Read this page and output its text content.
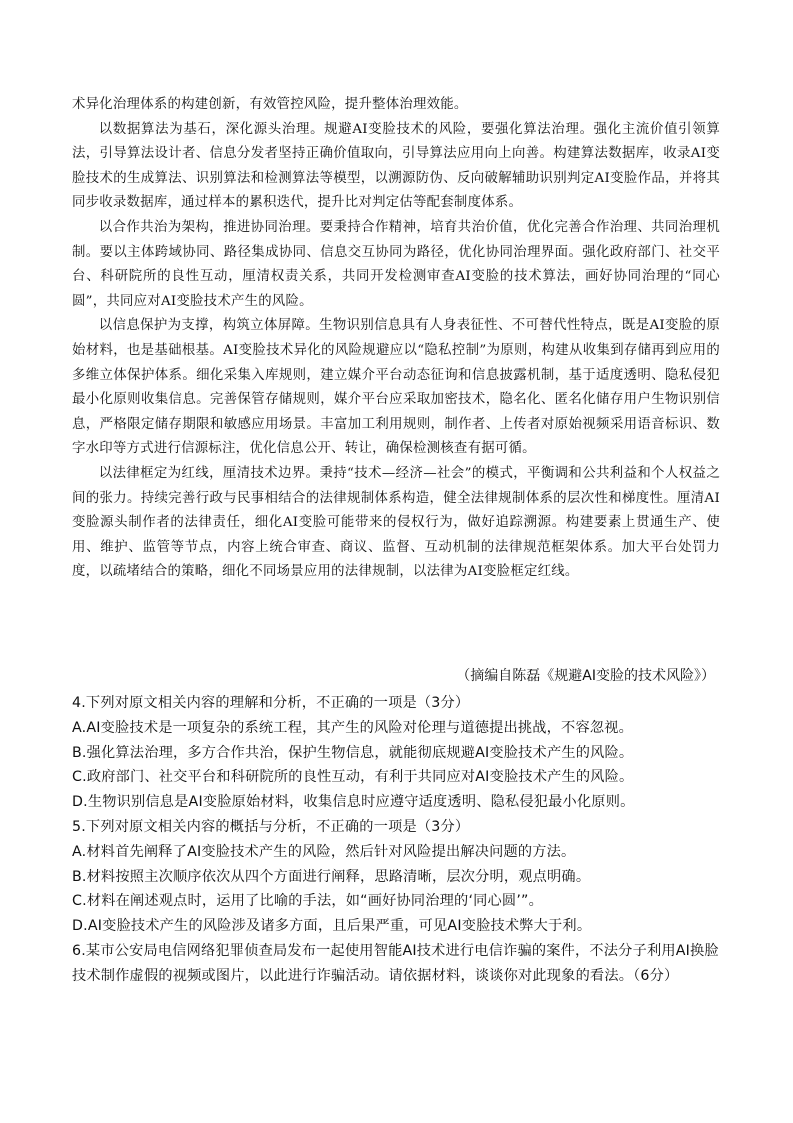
术异化治理体系的构建创新，有效管控风险，提升整体治理效能。

以数据算法为基石，深化源头治理。规避AI变脸技术的风险，要强化算法治理。强化主流价值引领算法，引导算法设计者、信息分发者坚持正确价值取向，引导算法应用向上向善。构建算法数据库，收录AI变脸技术的生成算法、识别算法和检测算法等模型，以溯源防伪、反向破解辅助识别判定AI变脸作品，并将其同步收录数据库，通过样本的累积迭代，提升比对判定估等配套制度体系。

以合作共治为架构，推进协同治理。要秉持合作精神，培育共治价值，优化完善合作治理、共同治理机制。要以主体跨域协同、路径集成协同、信息交互协同为路径，优化协同治理界面。强化政府部门、社交平台、科研院所的良性互动，厘清权责关系，共同开发检测审查AI变脸的技术算法，画好协同治理的“同心圆”，共同应对AI变脸技术产生的风险。

以信息保护为支撑，构筑立体屏障。生物识别信息具有人身表征性、不可替代性特点，既是AI变脸的原始材料，也是基础根基。AI变脸技术异化的风险规避应以“隐私控制”为原则，构建从收集到存储再到应用的多维立体保护体系。细化采集入库规则，建立媒介平台动态征询和信息披露机制，基于适度透明、隐私侵犯最小化原则收集信息。完善保管存储规则，媒介平台应采取加密技术，隐名化、匿名化储存用户生物识别信息，严格限定储存期限和敏感应用场景。丰富加工利用规则，制作者、上传者对原始视频采用语音标识、数字水印等方式进行信源标注，优化信息公开、转让，确保检测核查有据可循。

以法律框定为红线，厘清技术边界。秉持“技术—经济—社会”的模式，平衡调和公共利益和个人权益之间的张力。持续完善行政与民事相结合的法律规制体系构造，健全法律规制体系的层次性和梯度性。厘清AI变脸源头制作者的法律责任，细化AI变脸可能带来的侵权行为，做好追踪溯源。构建要素上贯通生产、使用、维护、监管等节点，内容上统合审查、商议、监督、互动机制的法律规范框架体系。加大平台处罚力度，以疏堵结合的策略，细化不同场景应用的法律规制，以法律为AI变脸框定红线。

（摘编自陈磊《规避AI变脸的技术风险》）

4.下列对原文相关内容的理解和分析，不正确的一项是（3分）

A.AI变脸技术是一项复杂的系统工程，其产生的风险对伦理与道德提出挑战，不容忽视。

B.强化算法治理，多方合作共治，保护生物信息，就能彻底规避AI变脸技术产生的风险。

C.政府部门、社交平台和科研院所的良性互动，有利于共同应对AI变脸技术产生的风险。

D.生物识别信息是AI变脸原始材料，收集信息时应遵守适度透明、隐私侵犯最小化原则。

5.下列对原文相关内容的概括与分析，不正确的一项是（3分）

A.材料首先阐释了AI变脸技术产生的风险，然后针对风险提出解决问题的方法。

B.材料按照主次顺序依次从四个方面进行阐释，思路清晰，层次分明，观点明确。

C.材料在阐述观点时，运用了比喻的手法，如“画好协同治理的‘同心圆’”。

D.AI变脸技术产生的风险涉及诸多方面，且后果严重，可见AI变脸技术弊大于利。

6.某市公安局电信网络犯罪侦查局发布一起使用智能AI技术进行电信诈骗的案件，不法分子利用AI换脸技术制作虚假的视频或图片，以此进行诈骗活动。请依据材料，谈谈你对此现象的看法。（6分）
